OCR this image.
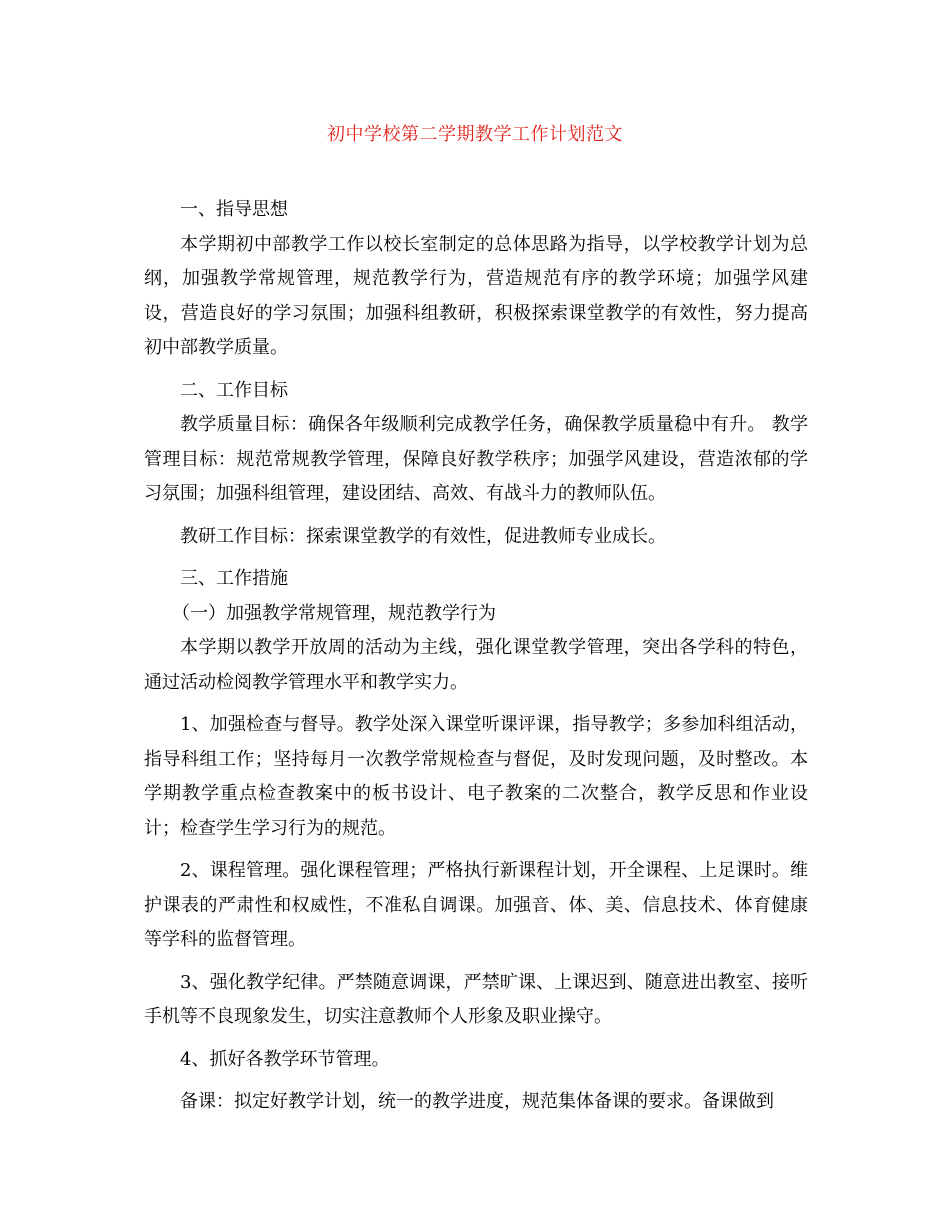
初中学校第二学期教学工作计划范文

一、指导思想

本学期初中部教学工作以校长室制定的总体思路为指导，以学校教学计划为总纲，加强教学常规管理，规范教学行为，营造规范有序的教学环境；加强学风建设，营造良好的学习氛围；加强科组教研，积极探索课堂教学的有效性，努力提高初中部教学质量。

二、工作目标

教学质量目标：确保各年级顺利完成教学任务，确保教学质量稳中有升。 教学管理目标：规范常规教学管理，保障良好教学秩序；加强学风建设，营造浓郁的学习氛围；加强科组管理，建设团结、高效、有战斗力的教师队伍。

教研工作目标：探索课堂教学的有效性，促进教师专业成长。

三、工作措施

（一）加强教学常规管理，规范教学行为

本学期以教学开放周的活动为主线，强化课堂教学管理，突出各学科的特色，通过活动检阅教学管理水平和教学实力。

1、加强检查与督导。教学处深入课堂听课评课，指导教学；多参加科组活动，指导科组工作；坚持每月一次教学常规检查与督促，及时发现问题，及时整改。本学期教学重点检查教案中的板书设计、电子教案的二次整合，教学反思和作业设计；检查学生学习行为的规范。

2、课程管理。强化课程管理；严格执行新课程计划，开全课程、上足课时。维护课表的严肃性和权威性，不准私自调课。加强音、体、美、信息技术、体育健康等学科的监督管理。

3、强化教学纪律。严禁随意调课，严禁旷课、上课迟到、随意进出教室、接听手机等不良现象发生，切实注意教师个人形象及职业操守。

4、抓好各教学环节管理。

备课：拟定好教学计划，统一的教学进度，规范集体备课的要求。备课做到
